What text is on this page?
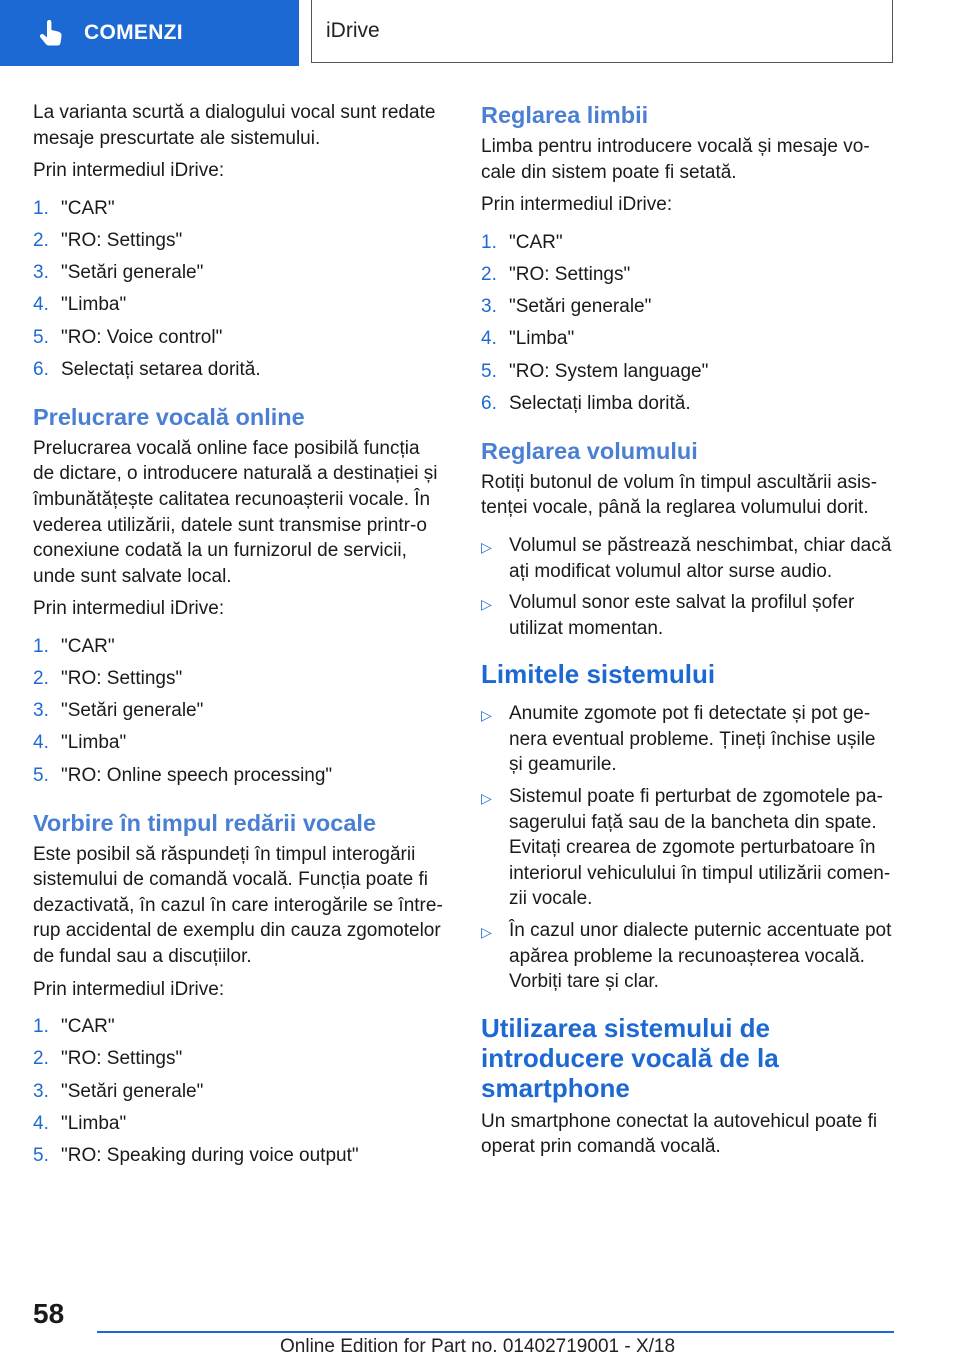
COMENZI	iDrive

La varianta scurtă a dialogului vocal sunt redate mesaje prescurtate ale sistemului.

Prin intermediul iDrive:

1. "CAR"
2. "RO: Settings"
3. "Setări generale"
4. "Limba"
5. "RO: Voice control"
6. Selectați setarea dorită.
Prelucrare vocală online

Prelucrarea vocală online face posibilă funcția de dictare, o introducere naturală a destinației și îmbunătățește calitatea recunoașterii vocale. În vederea utilizării, datele sunt transmise printr-o conexiune codată la un furnizorul de servicii, unde sunt salvate local.

Prin intermediul iDrive:

1. "CAR"
2. "RO: Settings"
3. "Setări generale"
4. "Limba"
5. "RO: Online speech processing"
Vorbire în timpul redării vocale

Este posibil să răspundeți în timpul interogării sistemului de comandă vocală. Funcția poate fi dezactivată, în cazul în care interogările se întrerup accidental de exemplu din cauza zgomotelor de fundal sau a discuțiilor.

Prin intermediul iDrive:

1. "CAR"
2. "RO: Settings"
3. "Setări generale"
4. "Limba"
5. "RO: Speaking during voice output"
Reglarea limbii

Limba pentru introducere vocală și mesaje vocale din sistem poate fi setată.

Prin intermediul iDrive:

1. "CAR"
2. "RO: Settings"
3. "Setări generale"
4. "Limba"
5. "RO: System language"
6. Selectați limba dorită.
Reglarea volumului

Rotiți butonul de volum în timpul ascultării asistenței vocale, până la reglarea volumului dorit.

▷ Volumul se păstrează neschimbat, chiar dacă ați modificat volumul altor surse audio.
▷ Volumul sonor este salvat la profilul șofer utilizat momentan.
Limitele sistemului
▷ Anumite zgomote pot fi detectate și pot genera eventual probleme. Țineți închise ușile și geamurile.
▷ Sistemul poate fi perturbat de zgomotele pasagerului față sau de la bancheta din spate. Evitați crearea de zgomote perturbatoare în interiorul vehiculului în timpul utilizării comenzii vocale.
▷ În cazul unor dialecte puternic accentuate pot apărea probleme la recunoașterea vocală. Vorbiți tare și clar.
Utilizarea sistemului de introducere vocală de la smartphone

Un smartphone conectat la autovehicul poate fi operat prin comandă vocală.

58
Online Edition for Part no. 01402719001 - X/18
